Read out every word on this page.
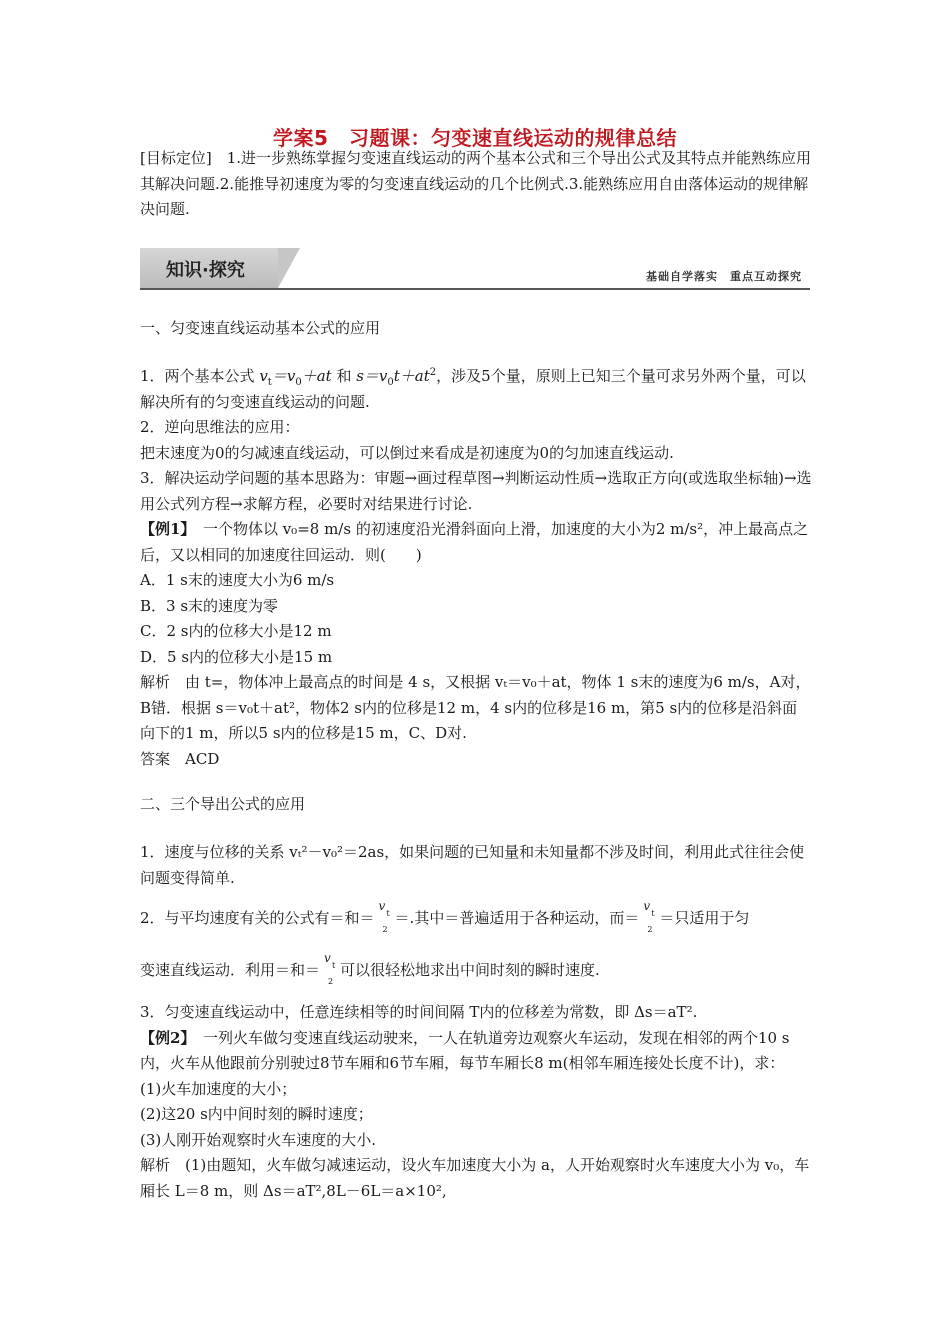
学案5　习题课：匀变速直线运动的规律总结

[目标定位]　1.进一步熟练掌握匀变速直线运动的两个基本公式和三个导出公式及其特点并能熟练应用其解决问题.2.能推导初速度为零的匀变速直线运动的几个比例式.3.能熟练应用自由落体运动的规律解决问题.

知识·探究	基础自学落实　重点互动探究

一、匀变速直线运动基本公式的应用

1．两个基本公式 $v_t=v_0+at$ 和 $s=v_0t+at^2$，涉及5个量，原则上已知三个量可求另外两个量，可以解决所有的匀变速直线运动的问题.

2．逆向思维法的应用：

把末速度为0的匀减速直线运动，可以倒过来看成是初速度为0的匀加速直线运动.

3．解决运动学问题的基本思路为：审题→画过程草图→判断运动性质→选取正方向(或选取坐标轴)→选用公式列方程→求解方程，必要时对结果进行讨论.

【例1】　一个物体以 v₀=8 m/s 的初速度沿光滑斜面向上滑，加速度的大小为2 m/s²，冲上最高点之后，又以相同的加速度往回运动．则(　　)

A．1 s末的速度大小为6 m/s

B．3 s末的速度为零

C．2 s内的位移大小是12 m

D．5 s内的位移大小是15 m

解析　由 t=，物体冲上最高点的时间是 4 s，又根据 vₜ＝v₀＋at，物体 1 s末的速度为6 m/s，A对，B错．根据 s＝v₀t＋at²，物体2 s内的位移是12 m，4 s内的位移是16 m，第5 s内的位移是沿斜面向下的1 m，所以5 s内的位移是15 m，C、D对.

答案　ACD

二、三个导出公式的应用

1．速度与位移的关系 vₜ²－v₀²＝2as，如果问题的已知量和未知量都不涉及时间，利用此式往往会使问题变得简单.

2．与平均速度有关的公式有＝和＝
v
t
2
＝.其中＝普遍适用于各种运动，而＝
v
t
2
＝只适用于匀

变速直线运动．利用＝和＝
v
t
2
可以很轻松地求出中间时刻的瞬时速度.

3．匀变速直线运动中，任意连续相等的时间间隔 T内的位移差为常数，即 Δs＝aT².

【例2】　一列火车做匀变速直线运动驶来，一人在轨道旁边观察火车运动，发现在相邻的两个10 s内，火车从他跟前分别驶过8节车厢和6节车厢，每节车厢长8 m(相邻车厢连接处长度不计)，求：

(1)火车加速度的大小；

(2)这20 s内中间时刻的瞬时速度；

(3)人刚开始观察时火车速度的大小.

解析　(1)由题知，火车做匀减速运动，设火车加速度大小为 a，人开始观察时火车速度大小为 v₀，车厢长 L＝8 m，则 Δs＝aT²,8L－6L＝a×10²,
